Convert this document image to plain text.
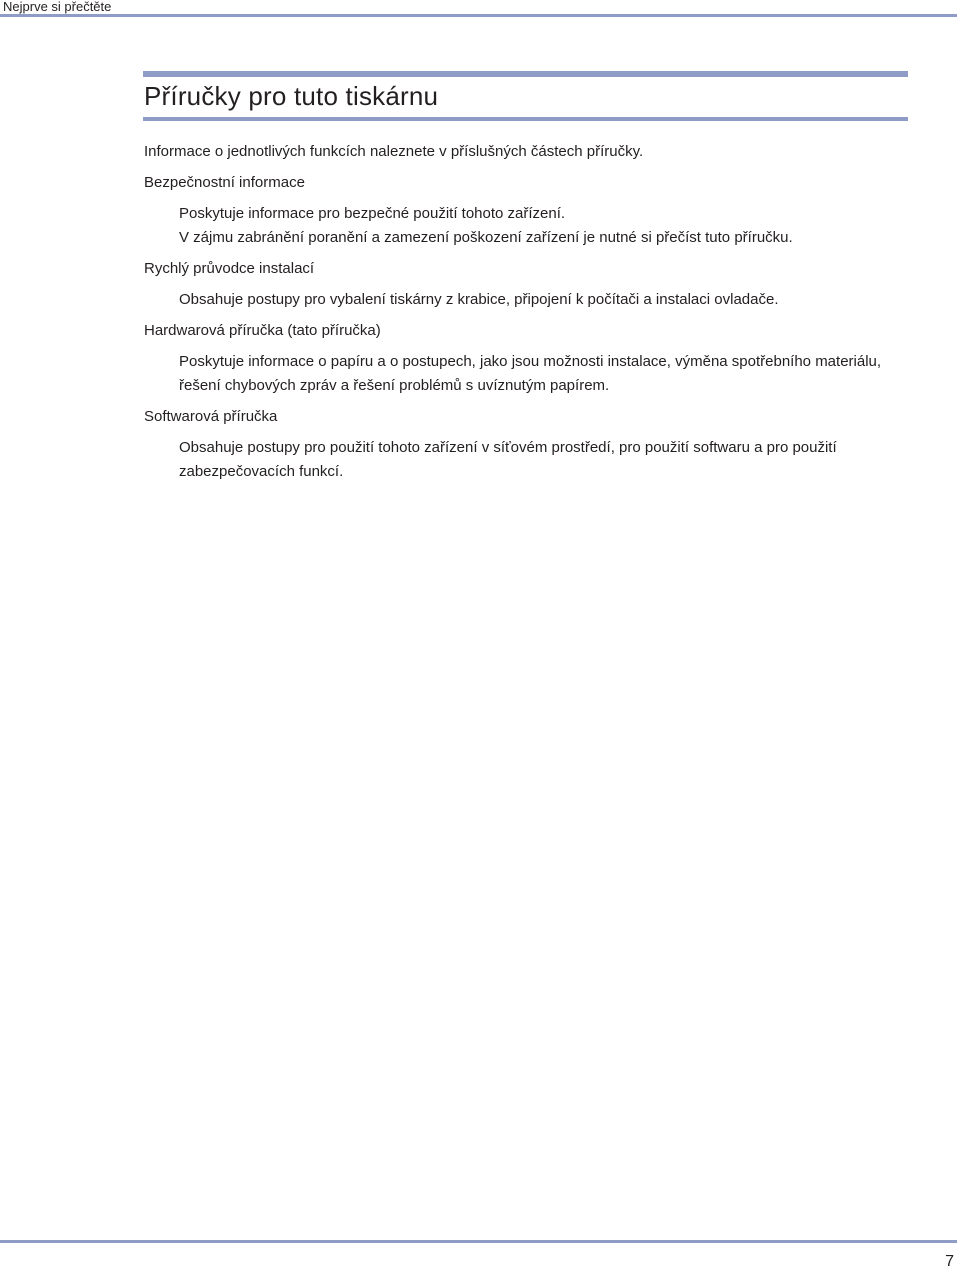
Nejprve si přečtěte
Příručky pro tuto tiskárnu

Informace o jednotlivých funkcích naleznete v příslušných částech příručky.

Bezpečnostní informace

Poskytuje informace pro bezpečné použití tohoto zařízení.

V zájmu zabránění poranění a zamezení poškození zařízení je nutné si přečíst tuto příručku.

Rychlý průvodce instalací

Obsahuje postupy pro vybalení tiskárny z krabice, připojení k počítači a instalaci ovladače.

Hardwarová příručka (tato příručka)

Poskytuje informace o papíru a o postupech, jako jsou možnosti instalace, výměna spotřebního materiálu, řešení chybových zpráv a řešení problémů s uvíznutým papírem.

Softwarová příručka

Obsahuje postupy pro použití tohoto zařízení v síťovém prostředí, pro použití softwaru a pro použití zabezpečovacích funkcí.

7
